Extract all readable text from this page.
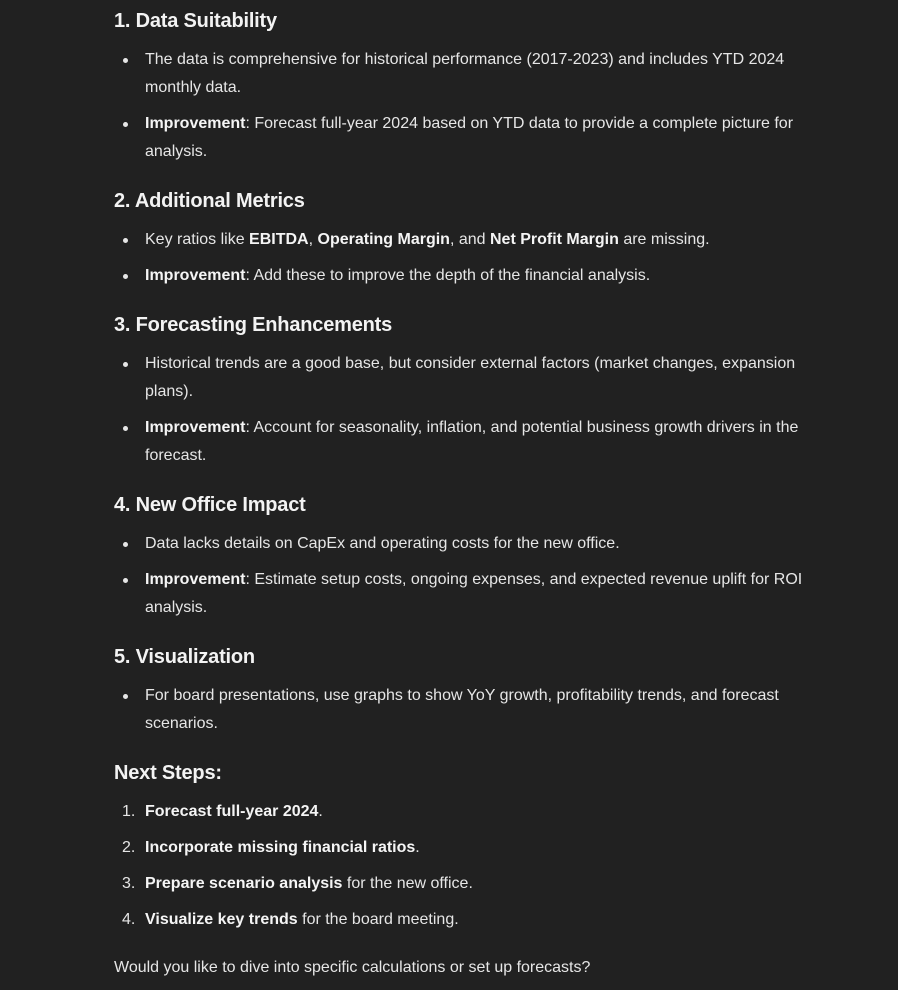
1. Data Suitability
The data is comprehensive for historical performance (2017-2023) and includes YTD 2024 monthly data.
Improvement: Forecast full-year 2024 based on YTD data to provide a complete picture for analysis.
2. Additional Metrics
Key ratios like EBITDA, Operating Margin, and Net Profit Margin are missing.
Improvement: Add these to improve the depth of the financial analysis.
3. Forecasting Enhancements
Historical trends are a good base, but consider external factors (market changes, expansion plans).
Improvement: Account for seasonality, inflation, and potential business growth drivers in the forecast.
4. New Office Impact
Data lacks details on CapEx and operating costs for the new office.
Improvement: Estimate setup costs, ongoing expenses, and expected revenue uplift for ROI analysis.
5. Visualization
For board presentations, use graphs to show YoY growth, profitability trends, and forecast scenarios.
Next Steps:
1. Forecast full-year 2024.
2. Incorporate missing financial ratios.
3. Prepare scenario analysis for the new office.
4. Visualize key trends for the board meeting.

Would you like to dive into specific calculations or set up forecasts?
